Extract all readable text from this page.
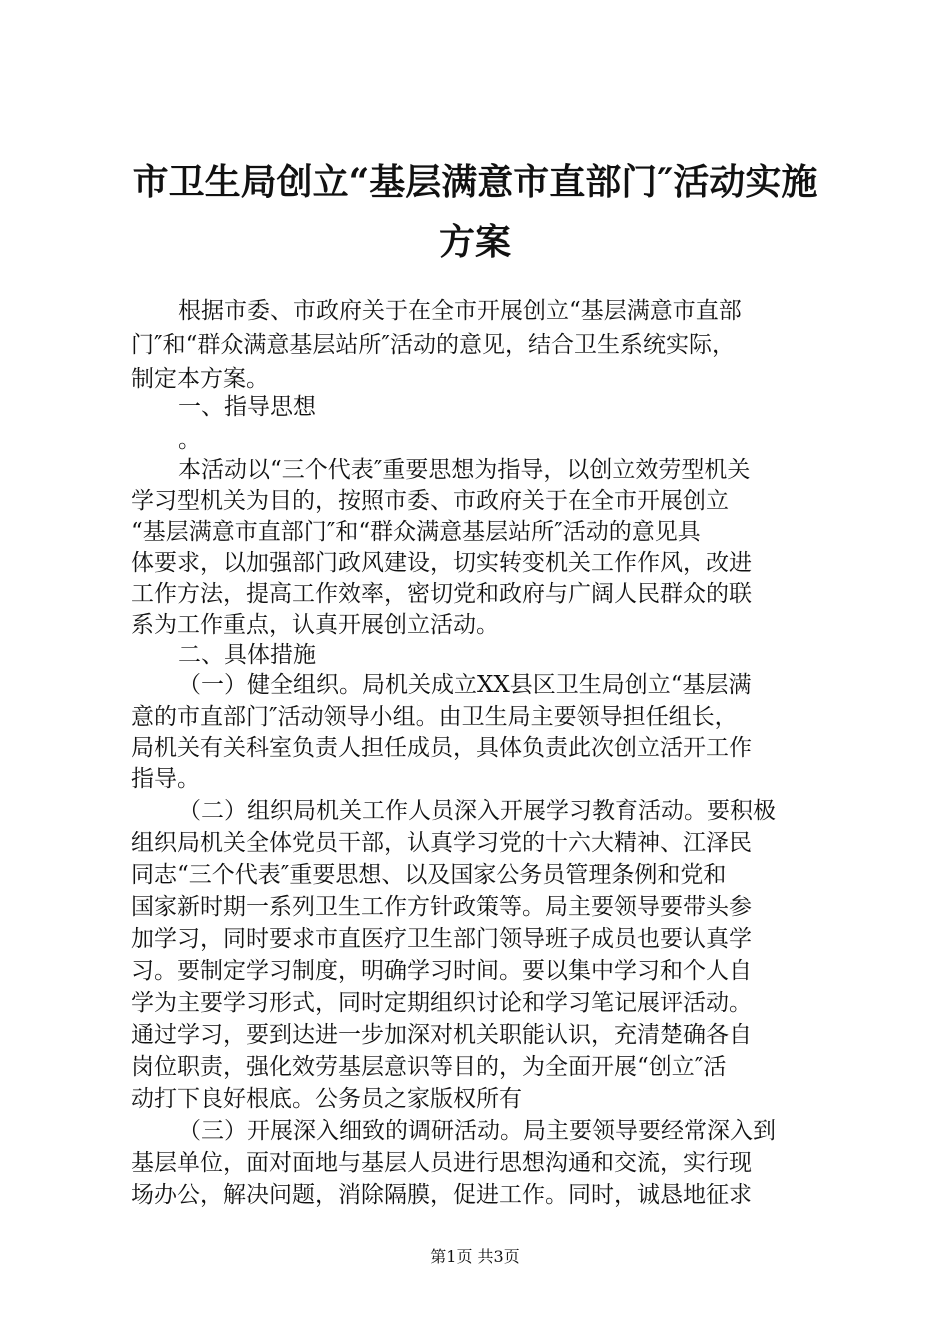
市卫生局创立“基层满意市直部门″活动实施
方案
根据市委、市政府关于在全市开展创立“基层满意市直部
门″和“群众满意基层站所″活动的意见，结合卫生系统实际，
制定本方案。
一、指导思想
。
本活动以“三个代表″重要思想为指导，以创立效劳型机关
学习型机关为目的，按照市委、市政府关于在全市开展创立
“基层满意市直部门″和“群众满意基层站所″活动的意见具
体要求，以加强部门政风建设，切实转变机关工作作风，改进
工作方法，提高工作效率，密切党和政府与广阔人民群众的联
系为工作重点，认真开展创立活动。
二、具体措施
（一）健全组织。局机关成立XX县区卫生局创立“基层满
意的市直部门″活动领导小组。由卫生局主要领导担任组长，
局机关有关科室负责人担任成员，具体负责此次创立活开工作
指导。
（二）组织局机关工作人员深入开展学习教育活动。要积极
组织局机关全体党员干部，认真学习党的十六大精神、江泽民
同志“三个代表″重要思想、以及国家公务员管理条例和党和
国家新时期一系列卫生工作方针政策等。局主要领导要带头参
加学习，同时要求市直医疗卫生部门领导班子成员也要认真学
习。要制定学习制度，明确学习时间。要以集中学习和个人自
学为主要学习形式，同时定期组织讨论和学习笔记展评活动。
通过学习，要到达进一步加深对机关职能认识，充清楚确各自
岗位职责，强化效劳基层意识等目的，为全面开展“创立″活
动打下良好根底。公务员之家版权所有
（三）开展深入细致的调研活动。局主要领导要经常深入到
基层单位，面对面地与基层人员进行思想沟通和交流，实行现
场办公，解决问题，消除隔膜，促进工作。同时，诚恳地征求
第1页 共3页
